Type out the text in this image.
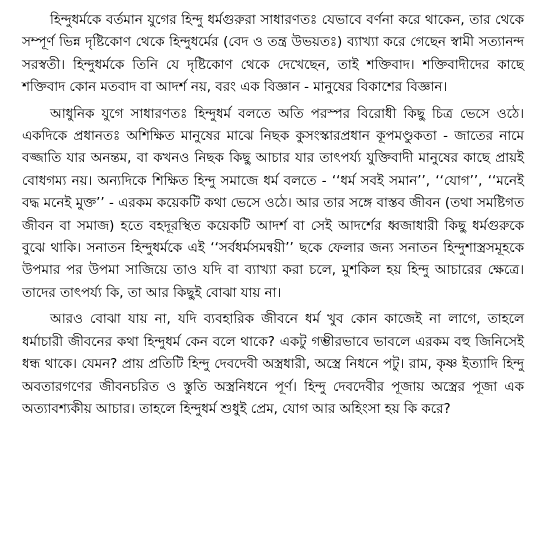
হিন্দুধর্মকে বর্তমান যুগের হিন্দু ধর্মগুরুরা সাধারণতঃ যেভাবে বর্ণনা করে থাকেন, তার থেকে সম্পূর্ণ ভিন্ন দৃষ্টিকোণ থেকে হিন্দুধর্মের (বেদ ও তন্ত্র উভয়তঃ) ব্যাখ্যা করে গেছেন স্বামী সত্যানন্দ সরস্বতী। হিন্দুধর্মকে তিনি যে দৃষ্টিকোণ থেকে দেখেছেন, তাই শক্তিবাদ। শক্তিবাদীদের কাছে শক্তিবাদ কোন মতবাদ বা আদর্শ নয়, বরং এক বিজ্ঞান - মানুষের বিকাশের বিজ্ঞান।

আধুনিক যুগে সাধারণতঃ হিন্দুধর্ম বলতে অতি পরস্পর বিরোধী কিছু চিত্র ভেসে ওঠে। একদিকে প্রধানতঃ অশিক্ষিত মানুষের মাঝে নিছক কুসংস্কারপ্রধান কূপমণ্ডুকতা - জাতের নামে বজ্জাতি যার অনন্তম, বা কখনও নিছক কিছু আচার যার তাৎপর্য্য যুক্তিবাদী মানুষের কাছে প্রায়ই বোধগম্য নয়। অন্যদিকে শিক্ষিত হিন্দু সমাজে ধর্ম বলতে - ‘‘ধর্ম সবই সমান’’, ‘‘যোগ’’, ‘‘মনেই বদ্ধ মনেই মুক্ত’’ - এরকম কয়েকটি কথা ভেসে ওঠে। আর তার সঙ্গে বাস্তব জীবন (তথা সমষ্টিগত জীবন বা সমাজ) হতে বহদূরস্থিত কয়েকটি আদর্শ বা সেই আদর্শের ধ্বজাধারী কিছু ধর্মগুরুকে বুঝে থাকি। সনাতন হিন্দুধর্মকে এই ‘‘সর্বধর্মসমন্বয়ী’’ ছকে ফেলার জন্য সনাতন হিন্দুশাস্ত্রসমূহকে উপমার পর উপমা সাজিয়ে তাও যদি বা ব্যাখ্যা করা চলে, মুশকিল হয় হিন্দু আচারের ক্ষেত্রে। তাদের তাৎপর্য্য কি, তা আর কিছুই বোঝা যায় না।

আরও বোঝা যায় না, যদি ব্যবহারিক জীবনে ধর্ম খুব কোন কাজেই না লাগে, তাহলে ধর্মাচারী জীবনের কথা হিন্দুধর্ম কেন বলে থাকে? একটু গম্ভীরভাবে ভাবলে এরকম বহু জিনিসেই ধন্ধ থাকে। যেমন? প্রায় প্রতিটি হিন্দু দেবদেবী অস্ত্রধারী, অস্ত্রে নিধনে পটু। রাম, কৃষ্ণ ইত্যাদি হিন্দু অবতারগণের জীবনচরিত ও স্তুতি অস্ত্রনিধনে পূর্ণ। হিন্দু দেবদেবীর পূজায় অস্ত্রের পূজা এক অত্যাবশ্যকীয় আচার। তাহলে হিন্দুধর্ম শুধুই প্রেম, যোগ আর অহিংসা হয় কি করে?
